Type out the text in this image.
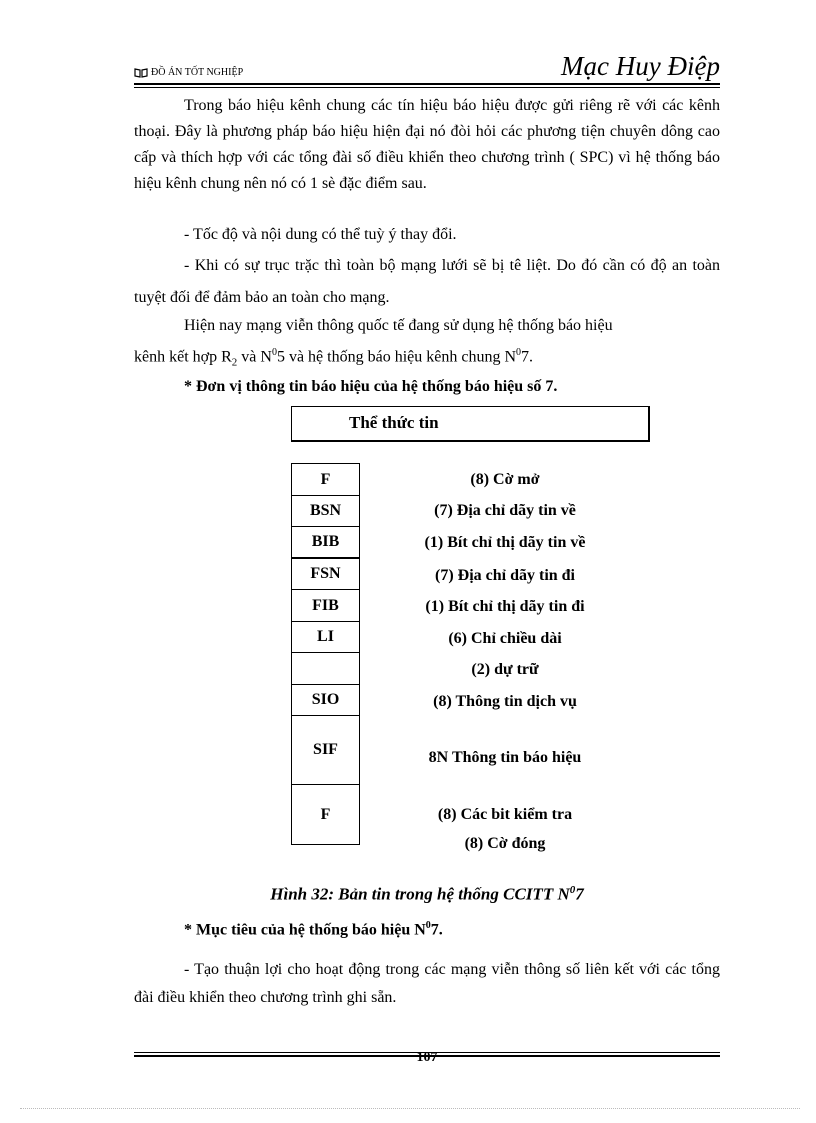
ĐỒ ÁN TỐT NGHIỆP	Mạc Huy Điệp
Trong báo hiệu kênh chung các tín hiệu báo hiệu được gửi riêng rẽ với các kênh thoại. Đây là phương pháp báo hiệu hiện đại nó đòi hỏi các phương tiện chuyên dông cao cấp và thích hợp với các tổng đài số điều khiển theo chương trình ( SPC) vì hệ thống báo hiệu kênh chung nên nó có 1 sè đặc điểm sau.
- Tốc độ và nội dung có thể tuỳ ý thay đổi.
- Khi có sự trục trặc thì toàn bộ mạng lưới sẽ bị tê liệt. Do đó cần có độ an toàn tuyệt đối để đảm bảo an toàn cho mạng.
Hiện nay mạng viễn thông quốc tế đang sử dụng hệ thống báo hiệu
kênh kết hợp $R_2$ và $N^05$ và hệ thống báo hiệu kênh chung $N^07$.
* Đơn vị thông tin báo hiệu của hệ thống báo hiệu số 7.
Thể thức tin
F
BSN
BIB
FSN
FIB
LI
SIO
SIF
F
(8) Cờ mở
(7) Địa chỉ dãy tin về
(1) Bít chỉ thị dãy tin về
(7) Địa chỉ dãy tin đi
(1) Bít chỉ thị dãy tin đi
(6) Chỉ chiều dài
(2) dự trữ
(8) Thông tin dịch vụ
8N Thông tin báo hiệu
(8) Các bit kiểm tra
(8) Cờ đóng
Hình 32: Bản tin trong hệ thống CCITT $N^07$
* Mục tiêu của hệ thống báo hiệu $N^07$.
- Tạo thuận lợi cho hoạt động trong các mạng viễn thông số liên kết với các tổng đài điều khiển theo chương trình ghi sẵn.
107
